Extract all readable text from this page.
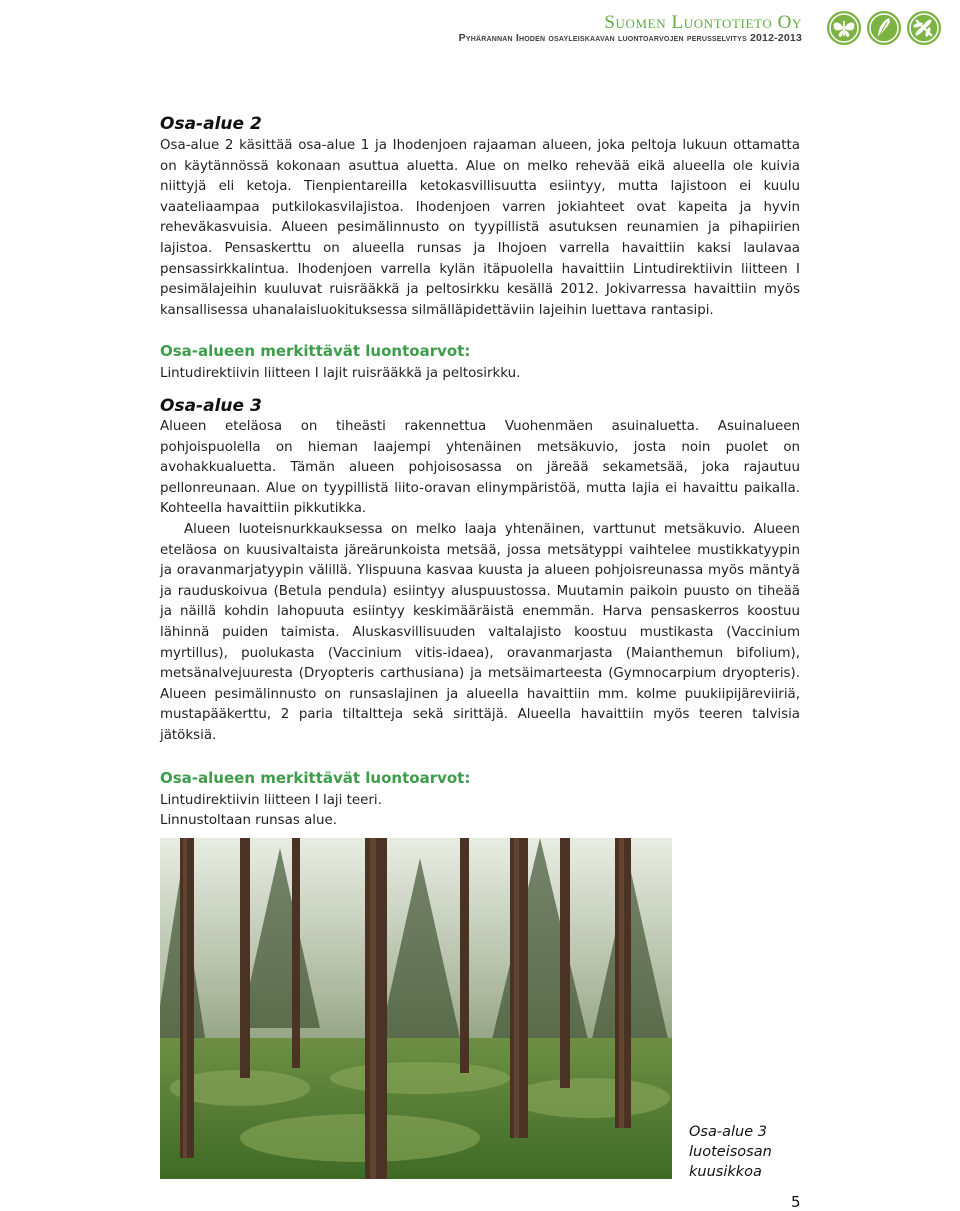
Suomen Luontotieto Oy
Pyhärannan Ihoden osayleiskaavan luontoarvojen perusselvitys 2012-2013
Osa-alue 2

Osa-alue 2 käsittää osa-alue 1 ja Ihodenjoen rajaaman alueen, joka peltoja lukuun ottamatta on käytännössä kokonaan asuttua aluetta. Alue on melko rehevää eikä alueella ole kuivia niittyjä eli ketoja. Tienpientareilla ketokasvillisuutta esiintyy, mutta lajistoon ei kuulu vaateliaampaa putkilokasvilajistoa. Ihodenjoen varren jokiahteet ovat kapeita ja hyvin reheväkasvuisia. Alueen pesimälinnusto on tyypillistä asutuksen reunamien ja pihapiirien lajistoa. Pensaskerttu on alueella runsas ja Ihojoen varrella havaittiin kaksi laulavaa pensassirkkalintua. Ihodenjoen varrella kylän itäpuolella havaittiin Lintudirektiivin liitteen I pesimälajeihin kuuluvat ruisrääkkä ja peltosirkku kesällä 2012. Jokivarressa havaittiin myös kansallisessa uhanalaisluokituksessa silmälläpidettäviin lajeihin luettava rantasipi.

Osa-alueen merkittävät luontoarvot:

Lintudirektiivin liitteen I lajit ruisrääkkä ja peltosirkku.

Osa-alue 3

Alueen eteläosa on tiheästi rakennettua Vuohenmäen asuinaluetta. Asuinalueen pohjoispuolella on hieman laajempi yhtenäinen metsäkuvio, josta noin puolet on avohakkualuetta. Tämän alueen pohjoisosassa on järeää sekametsää, joka rajautuu pellonreunaan. Alue on tyypillistä liito-oravan elinympäristöä, mutta lajia ei havaittu paikalla. Kohteella havaittiin pikkutikka.

Alueen luoteisnurkkauksessa on melko laaja yhtenäinen, varttunut metsäkuvio. Alueen eteläosa on kuusivaltaista järeärunkoista metsää, jossa metsätyppi vaihtelee mustikkatyypin ja oravanmarjatyypin välillä. Ylispuuna kasvaa kuusta ja alueen pohjoisreunassa myös mäntyä ja rauduskoivua (Betula pendula) esiintyy aluspuustossa. Muutamin paikoin puusto on tiheää ja näillä kohdin lahopuuta esiintyy keskimääräistä enemmän. Harva pensaskerros koostuu lähinnä puiden taimista. Aluskasvillisuuden valtalajisto koostuu mustikasta (Vaccinium myrtillus), puolukasta (Vaccinium vitis-idaea), oravanmarjasta (Maianthemun bifolium), metsänalvejuuresta (Dryopteris carthusiana) ja metsäimarteesta (Gymnocarpium dryopteris). Alueen pesimälinnusto on runsaslajinen ja alueella havaittiin mm. kolme puukiipijäreviiriä, mustapääkerttu, 2 paria tiltaltteja sekä sirittäjä. Alueella havaittiin myös teeren talvisia jätöksiä.

Osa-alueen merkittävät luontoarvot:

Lintudirektiivin liitteen I laji teeri.

Linnustoltaan runsas alue.

Osa-alue 3
luoteisosan
kuusikkoa
5
